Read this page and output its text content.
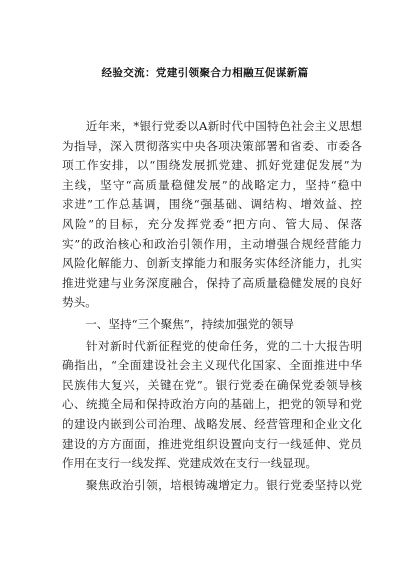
经验交流：党建引领聚合力相融互促谋新篇
　　近年来，*银行党委以A新时代中国特色社会主义思想
为指导，深入贯彻落实中央各项决策部署和省委、市委各
项工作安排，以“围绕发展抓党建、抓好党建促发展”为
主线，坚守“高质量稳健发展”的战略定力，坚持“稳中
求进”工作总基调，围绕“强基础、调结构、增效益、控
风险”的目标，充分发挥党委“把方向、管大局、保落
实”的政治核心和政治引领作用，主动增强合规经营能力
风险化解能力、创新支撑能力和服务实体经济能力，扎实
推进党建与业务深度融合，保持了高质量稳健发展的良好
势头。
　　一、坚持“三个聚焦”，持续加强党的领导
　　针对新时代新征程党的使命任务，党的二十大报告明
确指出，“全面建设社会主义现代化国家、全面推进中华
民族伟大复兴，关键在党”。银行党委在确保党委领导核
心、统揽全局和保持政治方向的基础上，把党的领导和党
的建设内嵌到公司治理、战略发展、经营管理和企业文化
建设的方方面面，推进党组织设置向支行一线延伸、党员
作用在支行一线发挥、党建成效在支行一线显现。
　　聚焦政治引领，培根铸魂增定力。银行党委坚持以党
